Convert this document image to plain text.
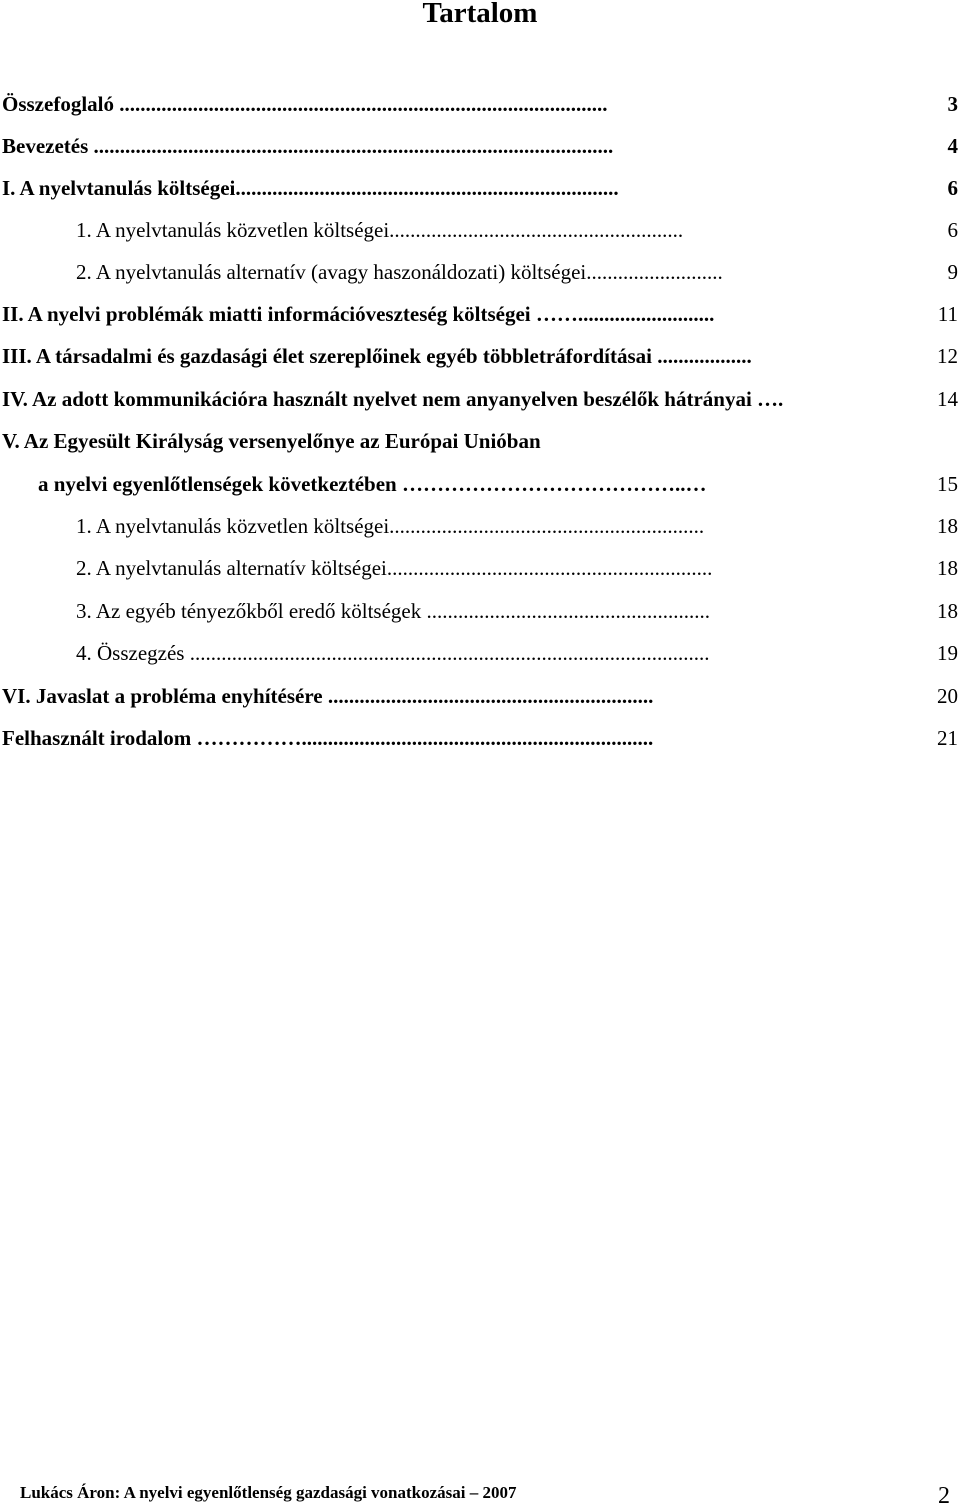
Tartalom
Összefoglaló .............................................................................................	3
Bevezetés ...................................................................................................	4
I. A nyelvtanulás költségei.........................................................................	6
1. A nyelvtanulás közvetlen költségei........................................................	6
2. A nyelvtanulás alternatív (avagy haszonáldozati) költségei..........................	9
II. A nyelvi problémák miatti információveszteség költségei ……..........................	11
III. A társadalmi és gazdasági élet szereplőinek egyéb többletráfordításai ..................	12
IV. Az adott kommunikációra használt nyelvet nem anyanyelven beszélők hátrányai ….	14
V. Az Egyesült Királyság versenyelőnye az Európai Unióban
a nyelvi egyenlőtlenségek következtében …………………………………..…	15
1. A nyelvtanulás közvetlen költségei............................................................	18
2. A nyelvtanulás alternatív költségei..............................................................	18
3. Az egyéb tényezőkből eredő költségek ......................................................	18
4. Összegzés ...................................................................................................	19
VI. Javaslat a probléma enyhítésére ..............................................................	20
Felhasznált irodalom ……………...................................................................	21
Lukács Áron: A nyelvi egyenlőtlenség gazdasági vonatkozásai – 2007	2
